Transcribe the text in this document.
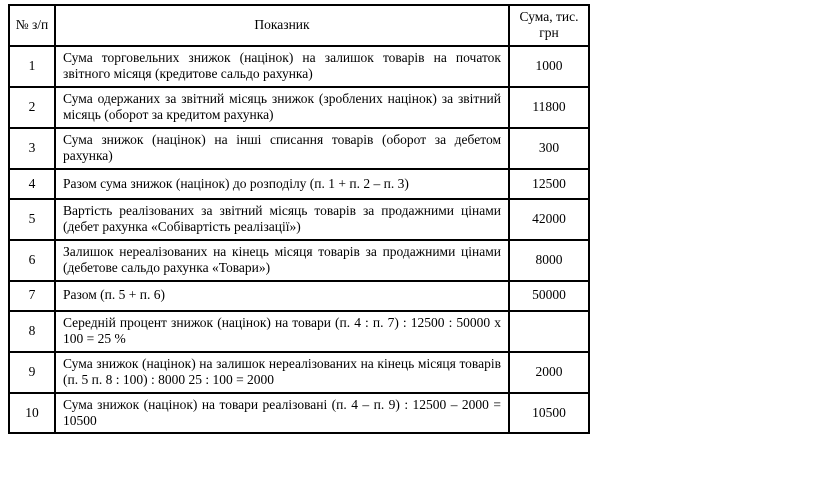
№ з/п	Показник	Сума, тис. грн
1	Сума торговельних знижок (націнок) на залишок товарів на початок звітного місяця (кредитове сальдо рахунка)	1000
2	Сума одержаних за звітний місяць знижок (зроблених націнок) за звітний місяць (оборот за кредитом рахунка)	11800
3	Сума знижок (націнок) на інші списання товарів (оборот за дебетом рахунка)	300
4	Разом сума знижок (націнок) до розподілу (п. 1 + п. 2 – п. 3)	12500
5	Вартість реалізованих за звітний місяць товарів за продажними цінами (дебет рахунка «Собівартість реалізації»)	42000
6	Залишок нереалізованих на кінець місяця товарів за продажними цінами (дебетове сальдо рахунка «Товари»)	8000
7	Разом (п. 5 + п. 6)	50000
8	Середній процент знижок (націнок) на товари (п. 4 : п. 7) : 12500 : 50000 х 100 = 25 %	
9	Сума знижок (націнок) на залишок нереалізованих на кінець місяця товарів (п. 5 п. 8 : 100) : 8000 25 : 100 = 2000	2000
10	Сума знижок (націнок) на товари реалізовані (п. 4 – п. 9) : 12500 – 2000 = 10500	10500
